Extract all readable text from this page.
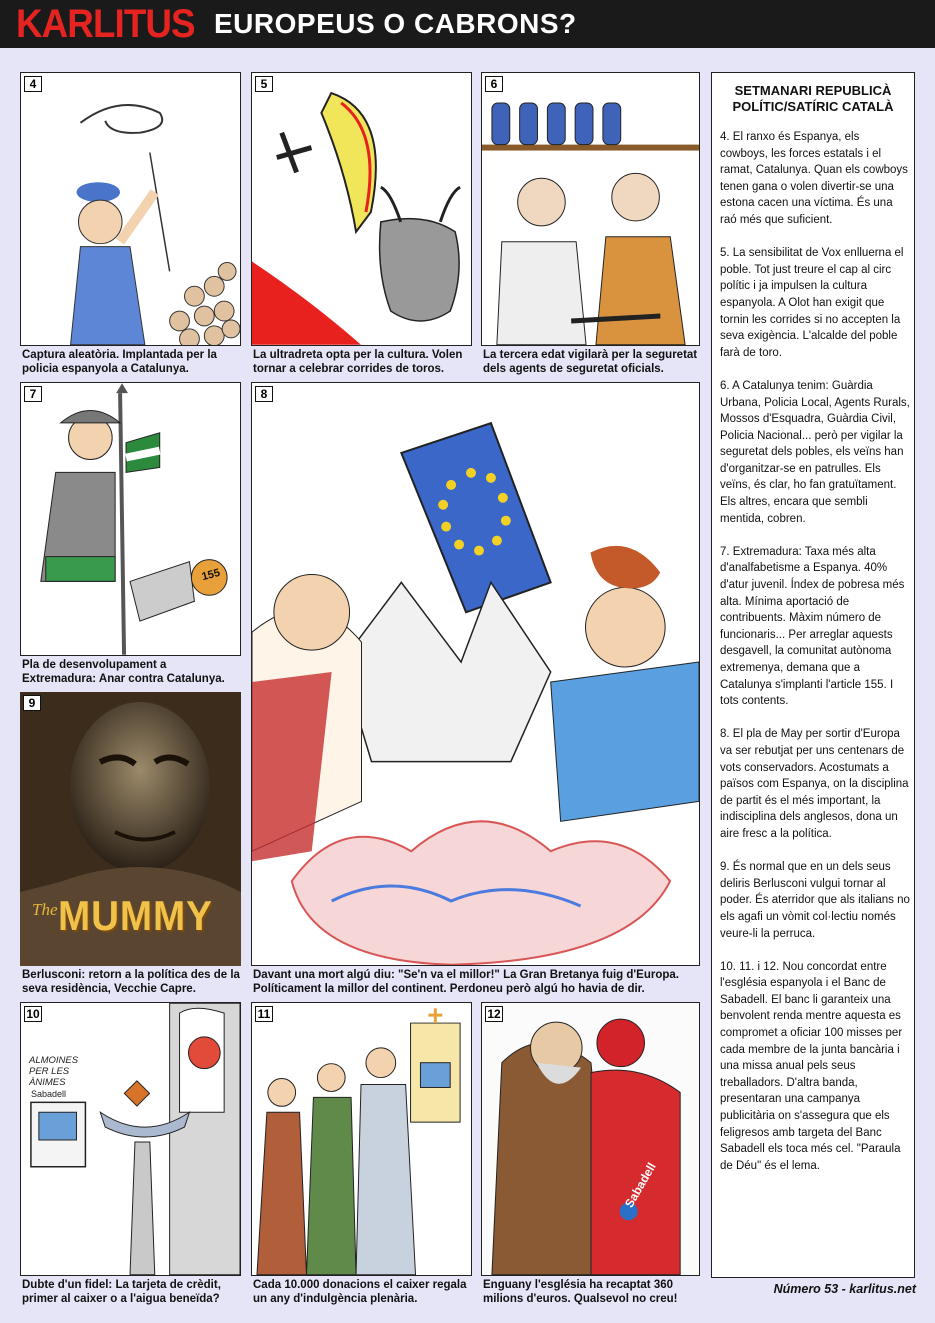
KARLITUS EUROPEUS O CABRONS?
4
Captura aleatòria. Implantada per la policia espanyola a Catalunya.
5
La ultradreta opta per la cultura. Volen tornar a celebrar corrides de toros.
6
La tercera edat vigilarà per la seguretat dels agents de seguretat oficials.
7
155
Pla de desenvolupament a Extremadura: Anar contra Catalunya.
8
Davant una mort algú diu: "Se'n va el millor!" La Gran Bretanya fuig d'Europa. Políticament la millor del continent. Perdoneu però algú ho havia de dir.
9
The MUMMY
Berlusconi: retorn a la política des de la seva residència, Vecchie Capre.
10
ALMOINES PER LES ÀNIMES
Sabadell
Dubte d'un fidel: La tarjeta de crèdit, primer al caixer o a l'aigua beneïda?
11
Cada 10.000 donacions el caixer regala un any d'indulgència plenària.
12
Sabadell
Enguany l'església ha recaptat 360 milions d'euros. Qualsevol no creu!
SETMANARI REPUBLICÀ POLÍTIC/SATÍRIC CATALÀ

4. El ranxo és Espanya, els cowboys, les forces estatals i el ramat, Catalunya. Quan els cowboys tenen gana o volen divertir-se una estona cacen una víctima. És una raó més que suficient.

5. La sensibilitat de Vox enlluerna el poble. Tot just treure el cap al circ polític i ja impulsen la cultura espanyola. A Olot han exigit que tornin les corrides si no accepten la seva exigència. L'alcalde del poble farà de toro.

6. A Catalunya tenim: Guàrdia Urbana, Policia Local, Agents Rurals, Mossos d'Esquadra, Guàrdia Civil, Policia Nacional... però per vigilar la seguretat dels pobles, els veïns han d'organitzar-se en patrulles. Els veïns, és clar, ho fan gratuïtament. Els altres, encara que sembli mentida, cobren.

7. Extremadura: Taxa més alta d'analfabetisme a Espanya. 40% d'atur juvenil. Índex de pobresa més alta. Mínima aportació de contribuents. Màxim número de funcionaris... Per arreglar aquests desgavell, la comunitat autònoma extremenya, demana que a Catalunya s'implanti l'article 155. I tots contents.

8. El pla de May per sortir d'Europa va ser rebutjat per uns centenars de vots conservadors. Acostumats a països com Espanya, on la disciplina de partit és el més important, la indisciplina dels anglesos, dona un aire fresc a la política.

9. És normal que en un dels seus deliris Berlusconi vulgui tornar al poder. És aterridor que als italians no els agafi un vòmit col·lectiu només veure-li la perruca.

10. 11. i 12. Nou concordat entre l'església espanyola i el Banc de Sabadell. El banc li garanteix una benvolent renda mentre aquesta es compromet a oficiar 100 misses per cada membre de la junta bancària i una missa anual pels seus treballadors. D'altra banda, presentaran una campanya publicitària on s'assegura que els feligresos amb targeta del Banc Sabadell els toca més cel. "Paraula de Déu" és el lema.

Número 53 - karlitus.net
